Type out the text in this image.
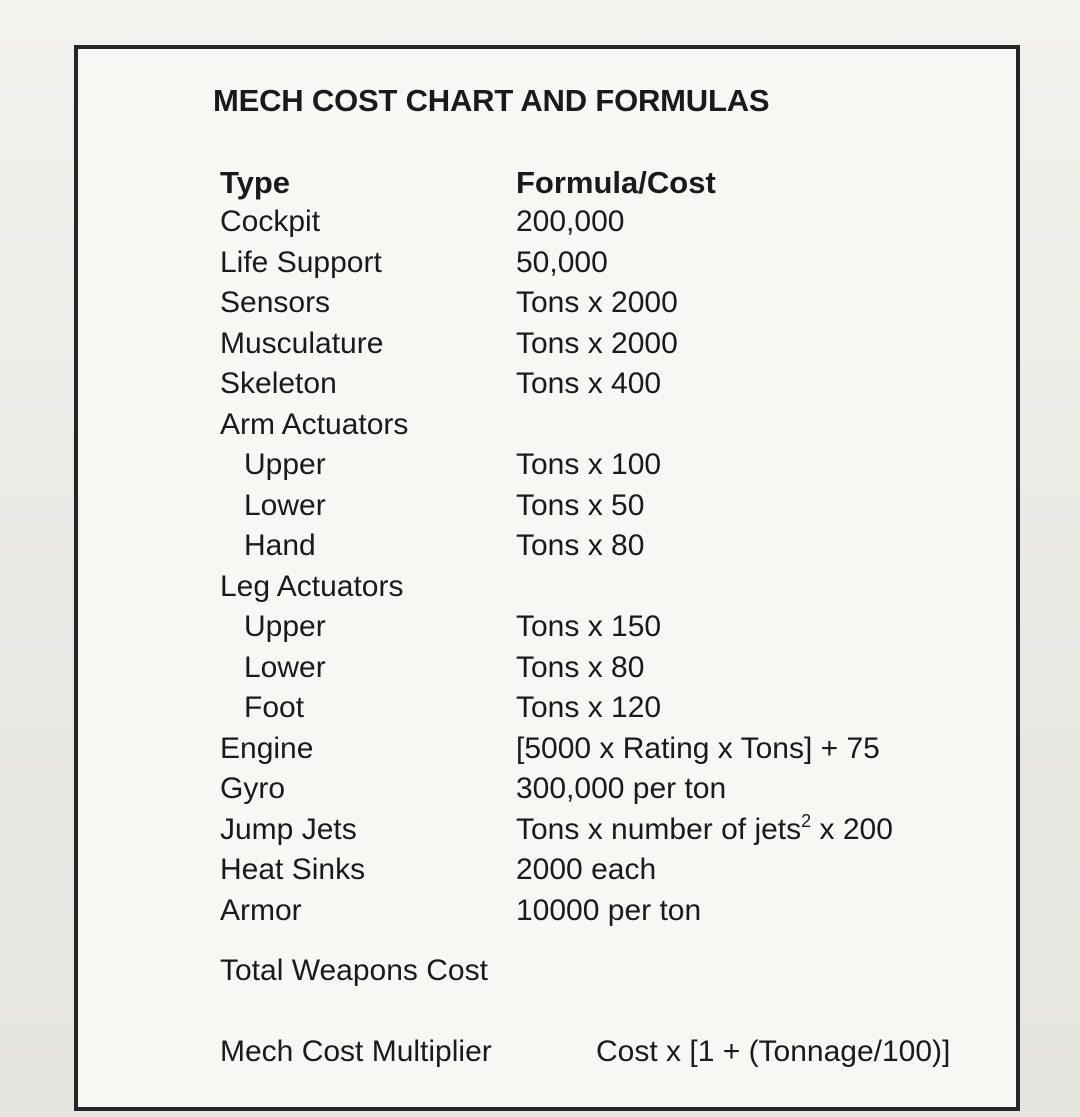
MECH COST CHART AND FORMULAS
Type	Formula/Cost
Cockpit	200,000
Life Support	50,000
Sensors	Tons x 2000
Musculature	Tons x 2000
Skeleton	Tons x 400
Arm Actuators
Upper	Tons x 100
Lower	Tons x 50
Hand	Tons x 80
Leg Actuators
Upper	Tons x 150
Lower	Tons x 80
Foot	Tons x 120
Engine	[5000 x Rating x Tons] + 75
Gyro	300,000 per ton
Jump Jets	Tons x number of jets$^2$ x 200
Heat Sinks	2000 each
Armor	10000 per ton
Total Weapons Cost
Mech Cost Multiplier	Cost x [1 + (Tonnage/100)]
